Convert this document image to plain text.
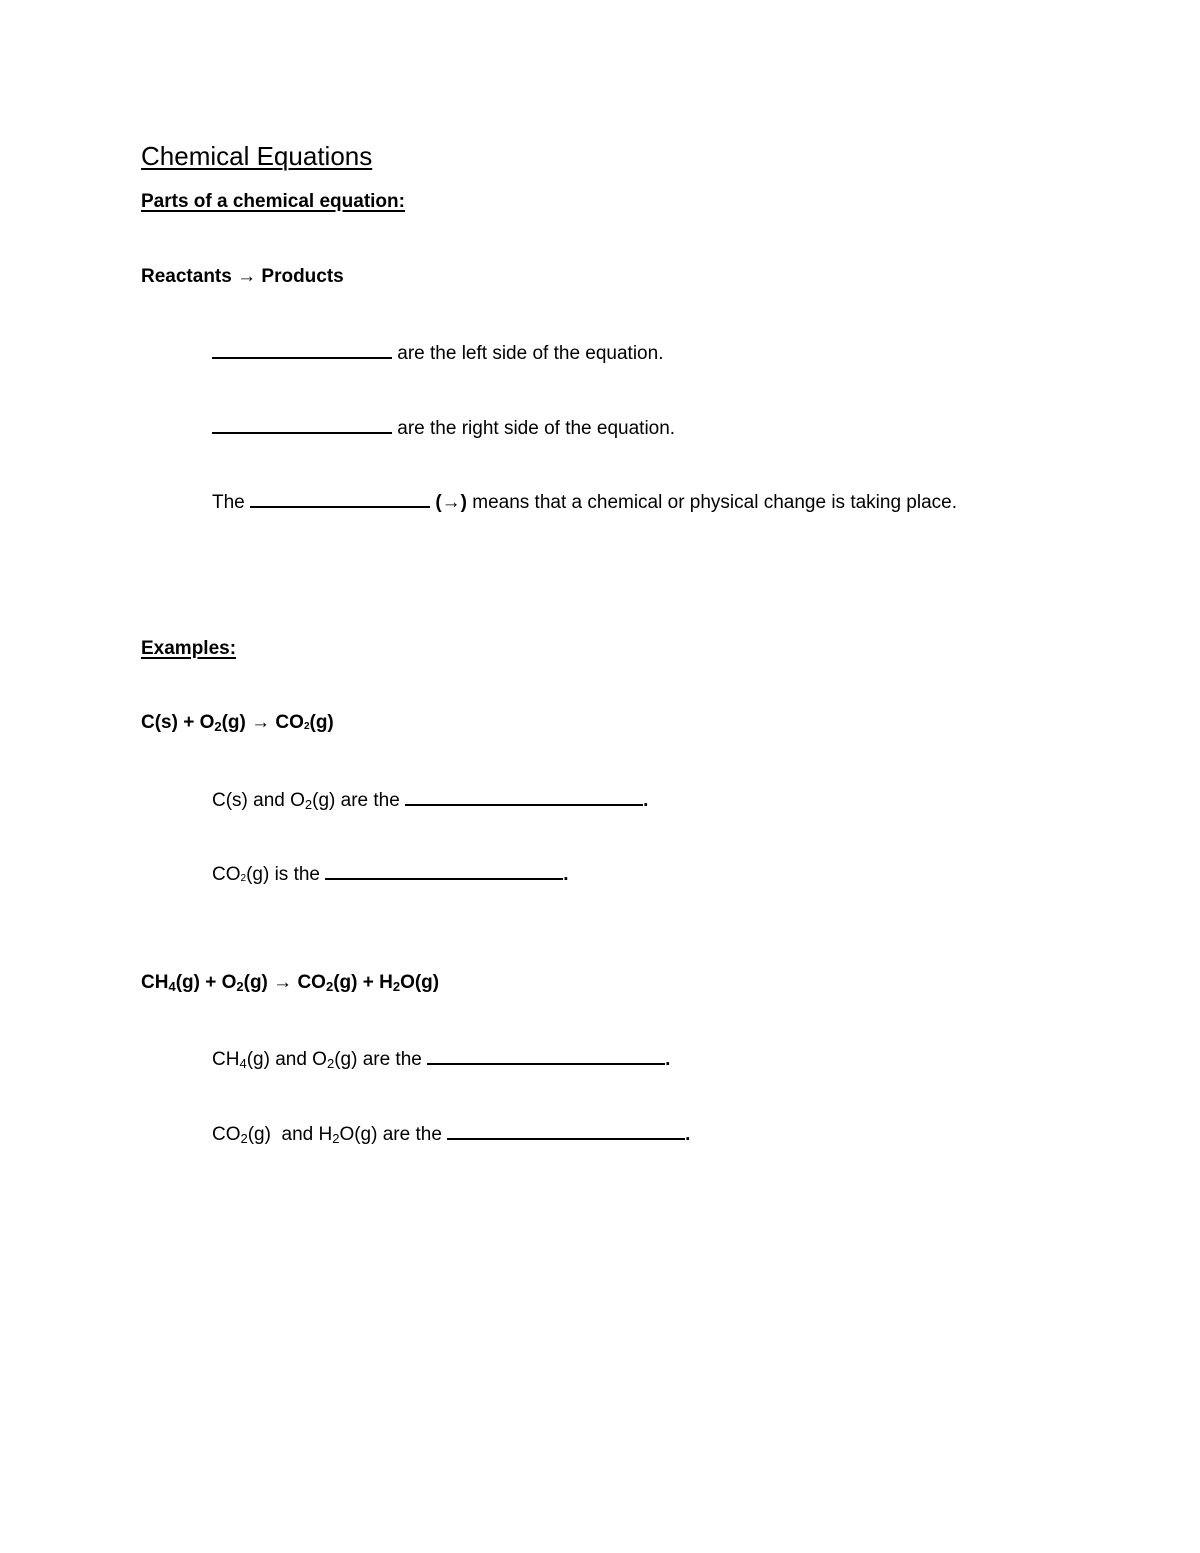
Chemical Equations
Parts of a chemical equation:
Reactants → Products
are the left side of the equation.
are the right side of the equation.
The	(→) means that a chemical or physical change is taking place.
Examples:
$C(s) + O_2(g) \to CO_2(g)$
C(s) and $O_2(g)$ are the	.
$CO_2(g)$ is the	.
$CH_4(g) + O_2(g) \to CO_2(g) + H_2O(g)$
$CH_4(g)$ and $O_2(g)$ are the	.
$CO_2(g)$  and $H_2O(g)$ are the	.
